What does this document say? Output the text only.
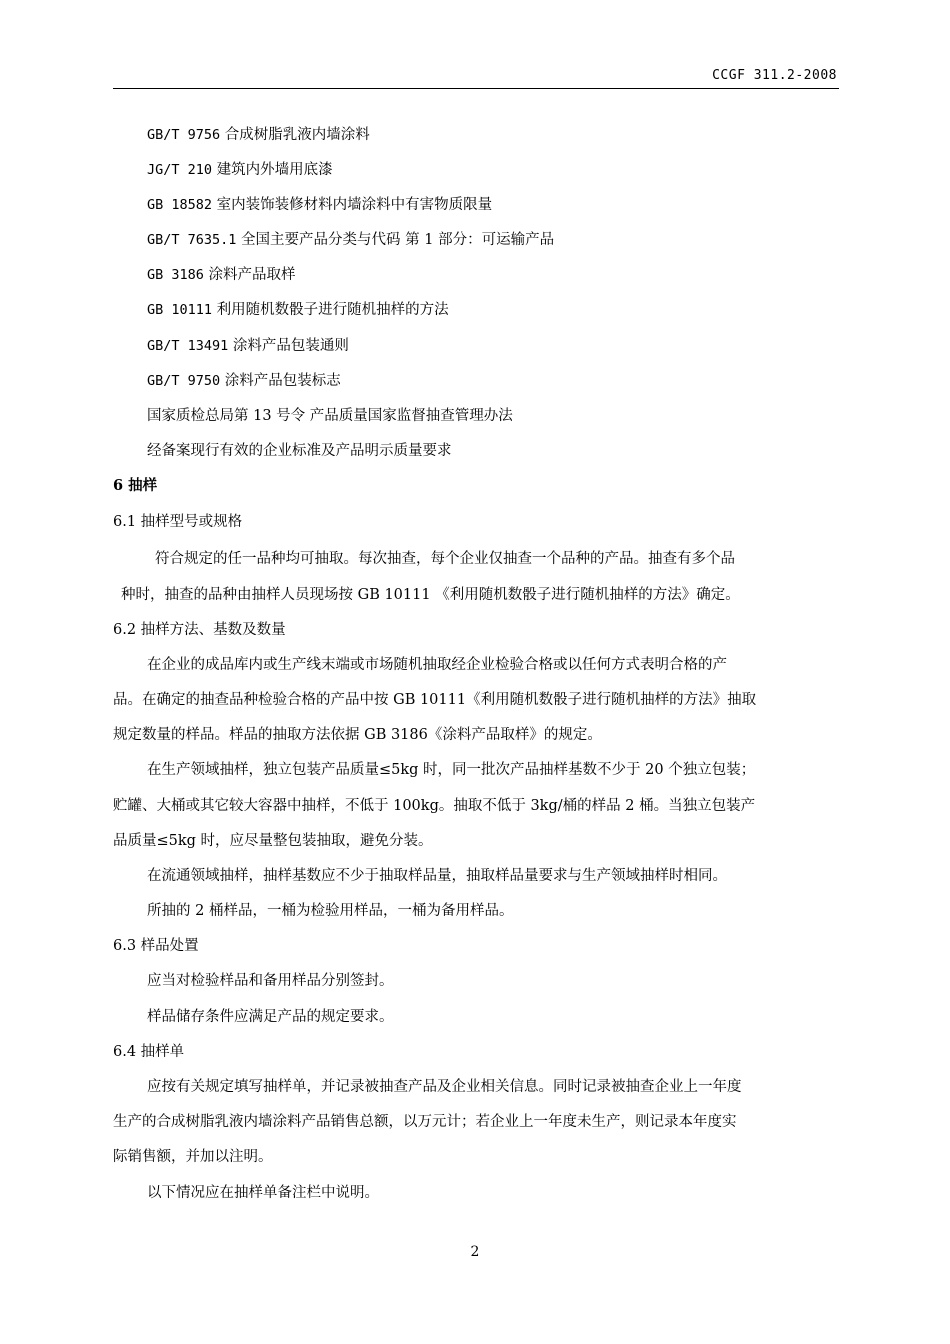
CCGF 311.2-2008
GB/T 9756 合成树脂乳液内墙涂料
JG/T 210 建筑内外墙用底漆
GB 18582 室内装饰装修材料内墙涂料中有害物质限量
GB/T 7635.1 全国主要产品分类与代码 第 1 部分：可运输产品
GB 3186 涂料产品取样
GB 10111 利用随机数骰子进行随机抽样的方法
GB/T 13491 涂料产品包装通则
GB/T 9750 涂料产品包装标志
国家质检总局第 13 号令 产品质量国家监督抽查管理办法
经备案现行有效的企业标准及产品明示质量要求
6 抽样
6.1 抽样型号或规格
符合规定的任一品种均可抽取。每次抽查，每个企业仅抽查一个品种的产品。抽查有多个品
种时，抽查的品种由抽样人员现场按 GB 10111 《利用随机数骰子进行随机抽样的方法》确定。
6.2 抽样方法、基数及数量
在企业的成品库内或生产线末端或市场随机抽取经企业检验合格或以任何方式表明合格的产
品。在确定的抽查品种检验合格的产品中按 GB 10111《利用随机数骰子进行随机抽样的方法》抽取
规定数量的样品。样品的抽取方法依据 GB 3186《涂料产品取样》的规定。
在生产领域抽样，独立包装产品质量≤5kg 时，同一批次产品抽样基数不少于 20 个独立包装；
贮罐、大桶或其它较大容器中抽样，不低于 100kg。抽取不低于 3kg/桶的样品 2 桶。当独立包装产
品质量≤5kg 时，应尽量整包装抽取，避免分装。
在流通领域抽样，抽样基数应不少于抽取样品量，抽取样品量要求与生产领域抽样时相同。
所抽的 2 桶样品，一桶为检验用样品，一桶为备用样品。
6.3 样品处置
应当对检验样品和备用样品分别签封。
样品储存条件应满足产品的规定要求。
6.4 抽样单
应按有关规定填写抽样单，并记录被抽查产品及企业相关信息。同时记录被抽查企业上一年度
生产的合成树脂乳液内墙涂料产品销售总额，以万元计；若企业上一年度未生产，则记录本年度实
际销售额，并加以注明。
以下情况应在抽样单备注栏中说明。
2
